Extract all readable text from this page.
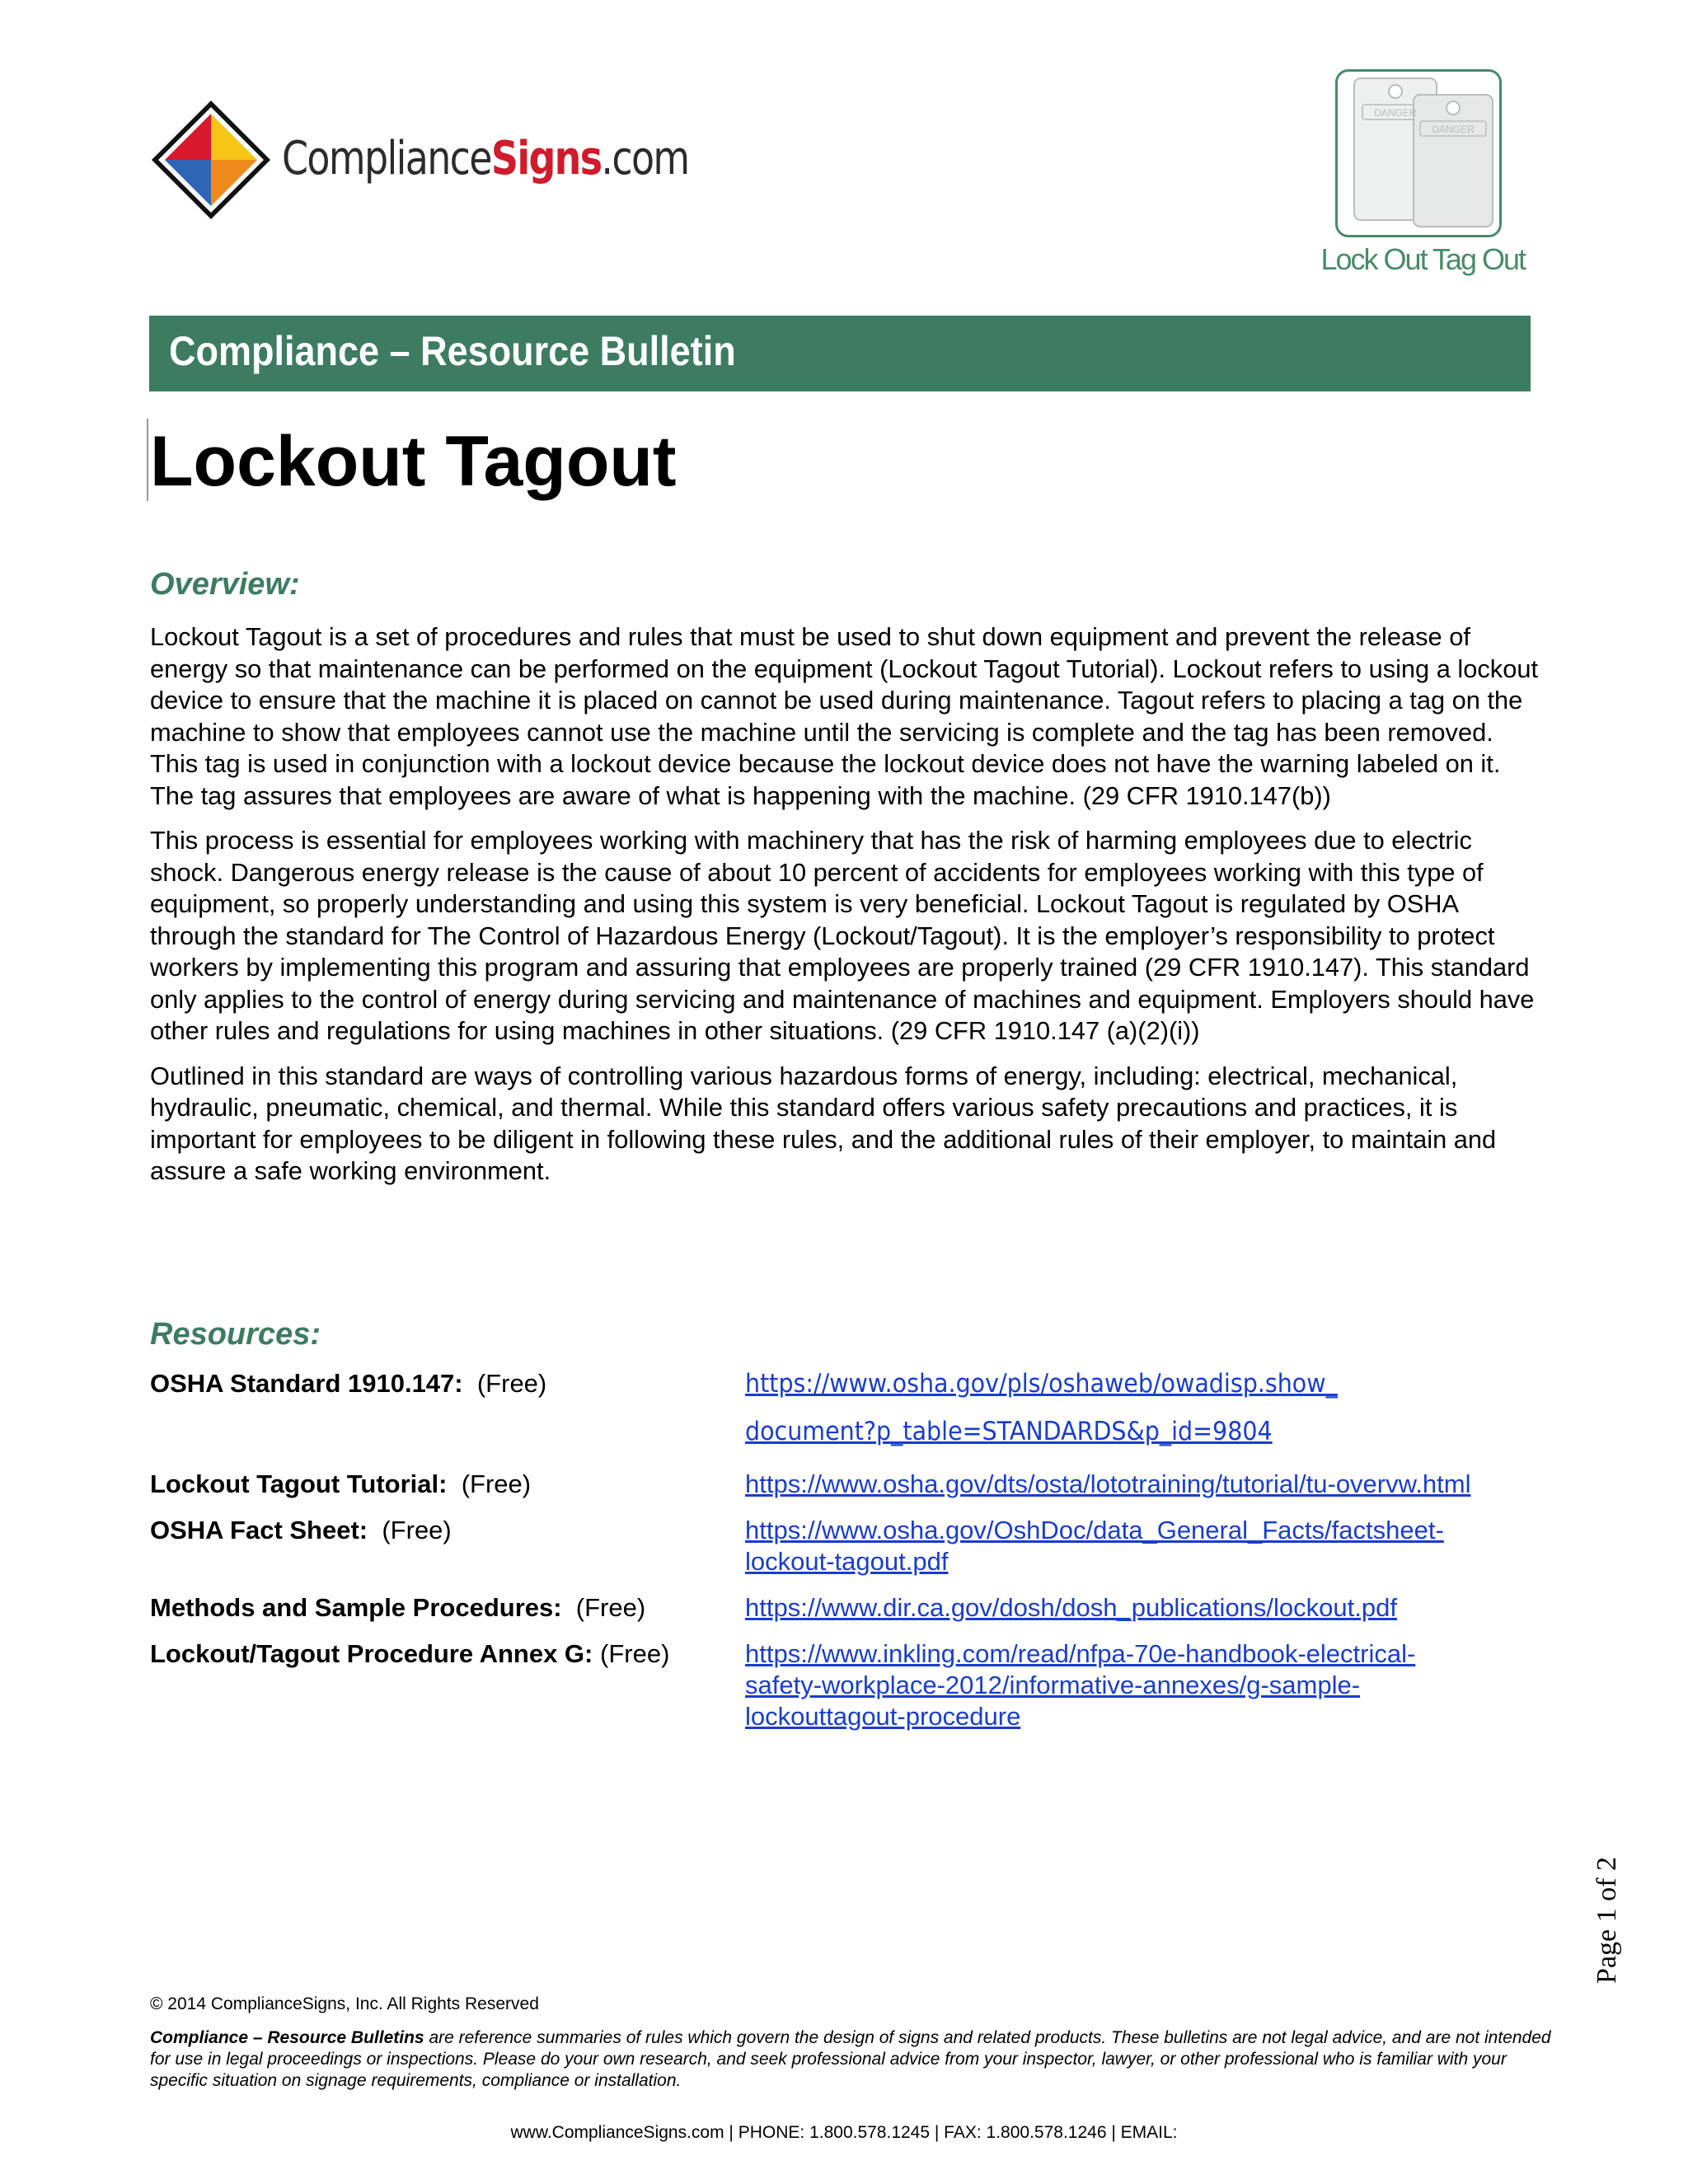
ComplianceSigns.com
DANGER
DANGER
Lock Out Tag Out
Compliance – Resource Bulletin
Lockout Tagout
Overview:

Lockout Tagout is a set of procedures and rules that must be used to shut down equipment and prevent the release of energy so that maintenance can be performed on the equipment (Lockout Tagout Tutorial). Lockout refers to using a lockout device to ensure that the machine it is placed on cannot be used during maintenance. Tagout refers to placing a tag on the machine to show that employees cannot use the machine until the servicing is complete and the tag has been removed. This tag is used in conjunction with a lockout device because the lockout device does not have the warning labeled on it. The tag assures that employees are aware of what is happening with the machine. (29 CFR 1910.147(b))

This process is essential for employees working with machinery that has the risk of harming employees due to electric shock. Dangerous energy release is the cause of about 10 percent of accidents for employees working with this type of equipment, so properly understanding and using this system is very beneficial. Lockout Tagout is regulated by OSHA through the standard for The Control of Hazardous Energy (Lockout/Tagout). It is the employer’s responsibility to protect workers by implementing this program and assuring that employees are properly trained (29 CFR 1910.147). This standard only applies to the control of energy during servicing and maintenance of machines and equipment. Employers should have other rules and regulations for using machines in other situations. (29 CFR 1910.147 (a)(2)(i))

Outlined in this standard are ways of controlling various hazardous forms of energy, including: electrical, mechanical, hydraulic, pneumatic, chemical, and thermal. While this standard offers various safety precautions and practices, it is important for employees to be diligent in following these rules, and the additional rules of their employer, to maintain and assure a safe working environment.

Resources:
OSHA Standard 1910.147: (Free)	https://www.osha.gov/pls/oshaweb/owadisp.show_
document?p_table=STANDARDS&p_id=9804
Lockout Tagout Tutorial: (Free)	https://www.osha.gov/dts/osta/lototraining/tutorial/tu-overvw.html
OSHA Fact Sheet: (Free)	https://www.osha.gov/OshDoc/data_General_Facts/factsheet-
lockout-tagout.pdf
Methods and Sample Procedures: (Free)	https://www.dir.ca.gov/dosh/dosh_publications/lockout.pdf
Lockout/Tagout Procedure Annex G: (Free)	https://www.inkling.com/read/nfpa-70e-handbook-electrical-
safety-workplace-2012/informative-annexes/g-sample-
lockouttagout-procedure
Page 1 of 2
© 2014 ComplianceSigns, Inc. All Rights Reserved
Compliance – Resource Bulletins are reference summaries of rules which govern the design of signs and related products. These bulletins are not legal advice, and are not intended for use in legal proceedings or inspections. Please do your own research, and seek professional advice from your inspector, lawyer, or other professional who is familiar with your specific situation on signage requirements, compliance or installation.
www.ComplianceSigns.com | PHONE: 1.800.578.1245 | FAX: 1.800.578.1246 | EMAIL:
